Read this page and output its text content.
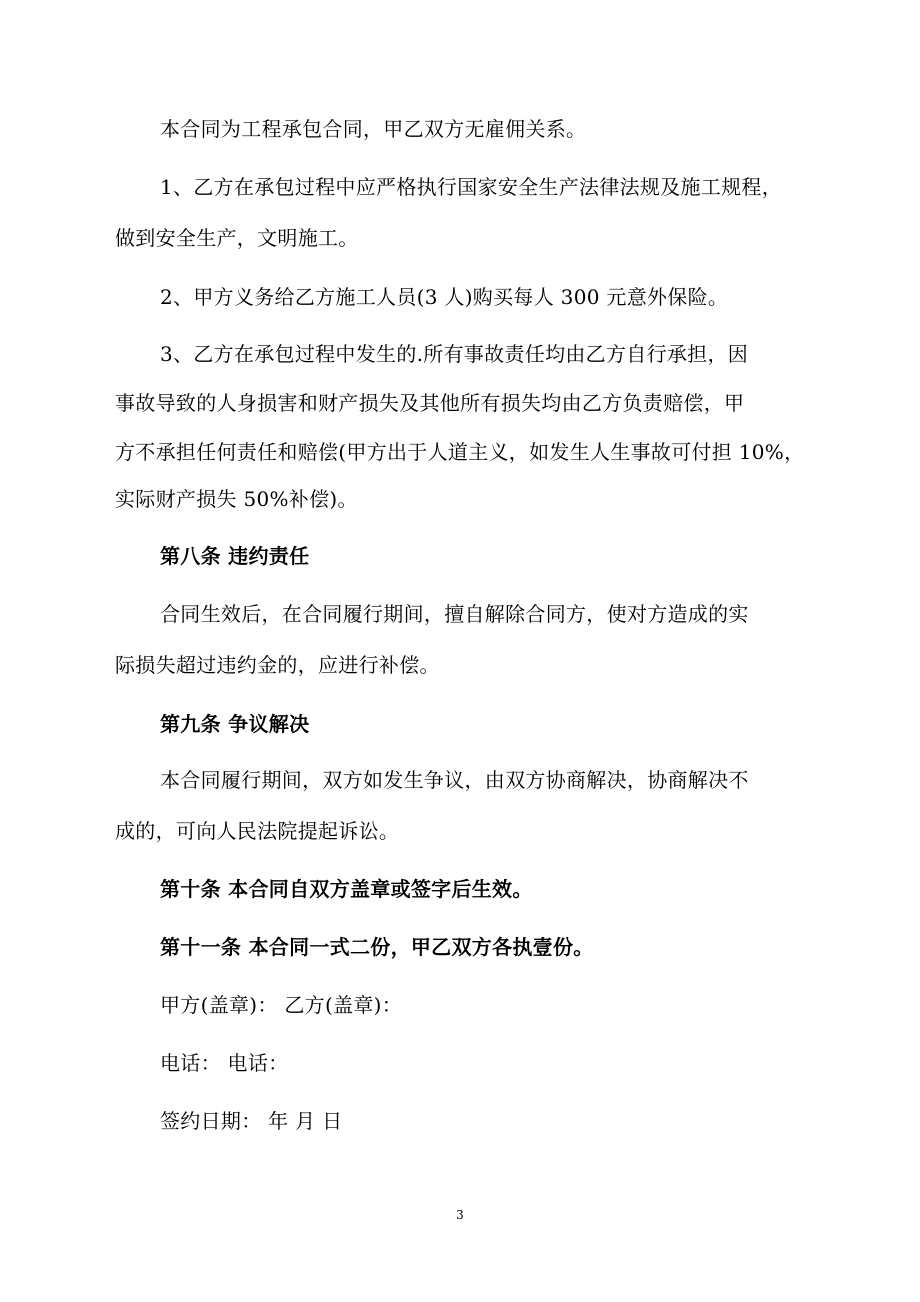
本合同为工程承包合同，甲乙双方无雇佣关系。
1、乙方在承包过程中应严格执行国家安全生产法律法规及施工规程，
做到安全生产，文明施工。
2、甲方义务给乙方施工人员(3 人)购买每人 300 元意外保险。
3、乙方在承包过程中发生的.所有事故责任均由乙方自行承担，因
事故导致的人身损害和财产损失及其他所有损失均由乙方负责赔偿，甲
方不承担任何责任和赔偿(甲方出于人道主义，如发生人生事故可付担 10%，
实际财产损失 50%补偿)。
第八条 违约责任
合同生效后，在合同履行期间，擅自解除合同方，使对方造成的实
际损失超过违约金的，应进行补偿。
第九条 争议解决
本合同履行期间，双方如发生争议，由双方协商解决，协商解决不
成的，可向人民法院提起诉讼。
第十条 本合同自双方盖章或签字后生效。
第十一条 本合同一式二份，甲乙双方各执壹份。
甲方(盖章)： 乙方(盖章)：
电话： 电话：
签约日期： 年 月 日
3
